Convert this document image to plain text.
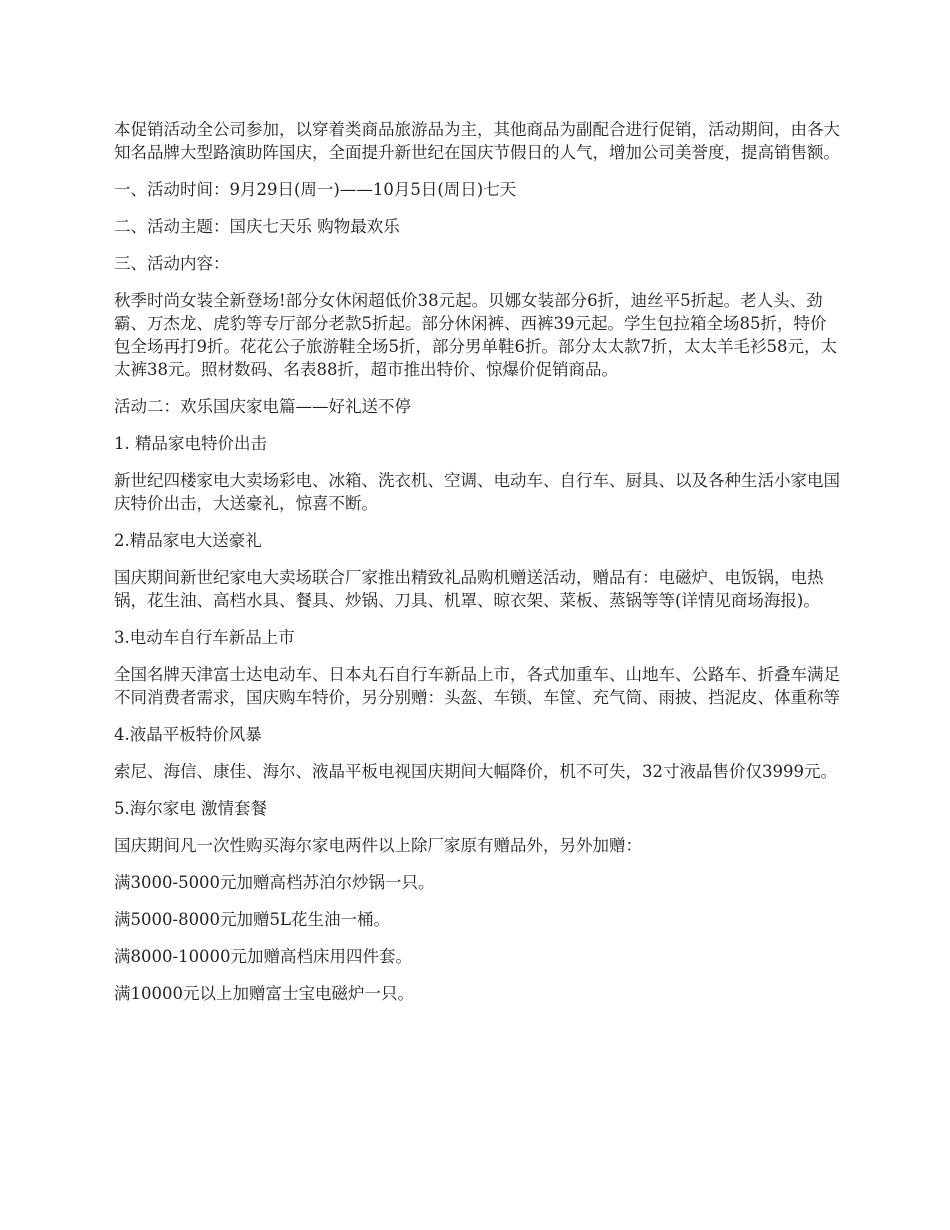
本促销活动全公司参加，以穿着类商品旅游品为主，其他商品为副配合进行促销，活动期间，由各大知名品牌大型路演助阵国庆，全面提升新世纪在国庆节假日的人气，增加公司美誉度，提高销售额。

一、活动时间：9月29日(周一)——10月5日(周日)七天

二、活动主题：国庆七天乐 购物最欢乐

三、活动内容：

秋季时尚女装全新登场!部分女休闲超低价38元起。贝娜女装部分6折，迪丝平5折起。老人头、劲霸、万杰龙、虎豹等专厅部分老款5折起。部分休闲裤、西裤39元起。学生包拉箱全场85折，特价包全场再打9折。花花公子旅游鞋全场5折，部分男单鞋6折。部分太太款7折，太太羊毛衫58元，太太裤38元。照材数码、名表88折，超市推出特价、惊爆价促销商品。

活动二：欢乐国庆家电篇——好礼送不停

1. 精品家电特价出击

新世纪四楼家电大卖场彩电、冰箱、洗衣机、空调、电动车、自行车、厨具、以及各种生活小家电国庆特价出击，大送豪礼，惊喜不断。

2.精品家电大送豪礼

国庆期间新世纪家电大卖场联合厂家推出精致礼品购机赠送活动，赠品有：电磁炉、电饭锅，电热锅，花生油、高档水具、餐具、炒锅、刀具、机罩、晾衣架、菜板、蒸锅等等(详情见商场海报)。

3.电动车自行车新品上市

全国名牌天津富士达电动车、日本丸石自行车新品上市，各式加重车、山地车、公路车、折叠车满足不同消费者需求，国庆购车特价，另分别赠：头盔、车锁、车筐、充气筒、雨披、挡泥皮、体重称等

4.液晶平板特价风暴

索尼、海信、康佳、海尔、液晶平板电视国庆期间大幅降价，机不可失，32寸液晶售价仅3999元。

5.海尔家电 激情套餐

国庆期间凡一次性购买海尔家电两件以上除厂家原有赠品外，另外加赠：

满3000-5000元加赠高档苏泊尔炒锅一只。

满5000-8000元加赠5L花生油一桶。

满8000-10000元加赠高档床用四件套。

满10000元以上加赠富士宝电磁炉一只。
